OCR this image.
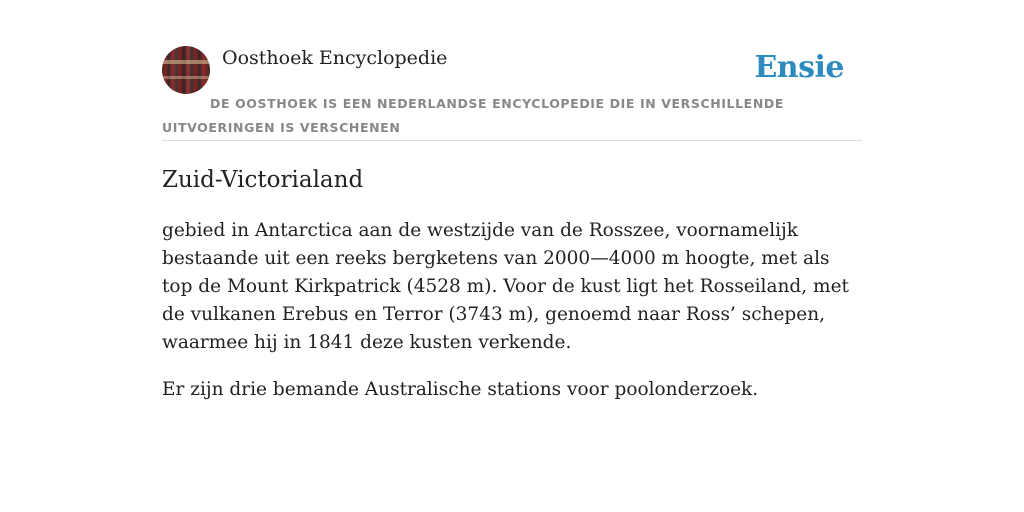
Oosthoek Encyclopedie	Ensie
DE OOSTHOEK IS EEN NEDERLANDSE ENCYCLOPEDIE DIE IN VERSCHILLENDE UITVOERINGEN IS VERSCHENEN
Zuid-Victorialand

gebied in Antarctica aan de westzijde van de Rosszee, voornamelijk bestaande uit een reeks bergketens van 2000—4000 m hoogte, met als top de Mount Kirkpatrick (4528 m). Voor de kust ligt het Rosseiland, met de vulkanen Erebus en Terror (3743 m), genoemd naar Ross’ schepen, waarmee hij in 1841 deze kusten verkende.

Er zijn drie bemande Australische stations voor poolonderzoek.
